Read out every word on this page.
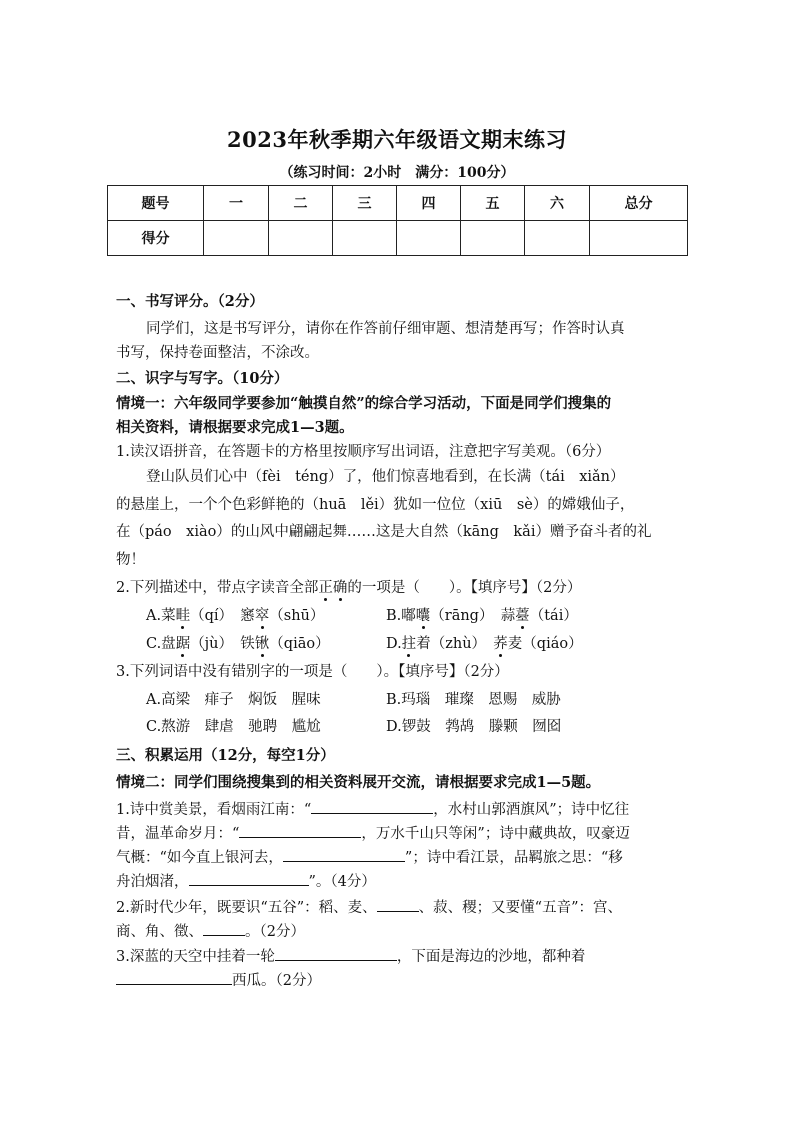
2023年秋季期六年级语文期末练习
（练习时间：2小时　满分：100分）
题号	一	二	三	四	五	六	总分
得分							
一、书写评分。（2分）
同学们，这是书写评分，请你在作答前仔细审题、想清楚再写；作答时认真
书写，保持卷面整洁，不涂改。
二、识字与写字。（10分）
情境一：六年级同学要参加“触摸自然”的综合学习活动，下面是同学们搜集的
相关资料，请根据要求完成1—3题。
1.读汉语拼音，在答题卡的方格里按顺序写出词语，注意把字写美观。（6分）
登山队员们心中（fèi　téng）了，他们惊喜地看到，在长满（tái　xiǎn）
的悬崖上，一个个色彩鲜艳的（huā　lěi）犹如一位位（xiū　sè）的嫦娥仙子，
在（páo　xiào）的山风中翩翩起舞……这是大自然（kāng　kǎi）赠予奋斗者的礼
物！
2.下列描述中，带点字读音全部正确的一项是（　　）。【填序号】（2分）
A.菜畦（qí）　窸窣（shū）	B.嘟囔（rāng）　蒜薹（tái）
C.盘踞（jù）　铁锹（qiāo）	D.拄着（zhù）　荞麦（qiáo）
3.下列词语中没有错别字的一项是（　　）。【填序号】（2分）
A.高梁　痱子　焖饭　腥味	B.玛瑙　璀璨　恩赐　威胁
C.熬游　肆虐　驰聘　尴尬	D.锣鼓　鹁鸪　滕颗　囫囵
三、积累运用（12分，每空1分）
情境二：同学们围绕搜集到的相关资料展开交流，请根据要求完成1—5题。
1.诗中赏美景，看烟雨江南：“	，水村山郭酒旗风”；诗中忆往
昔，温革命岁月：“	，万水千山只等闲”；诗中藏典故，叹豪迈
气概：“如今直上银河去，	”；诗中看江景，品羁旅之思：“移
舟泊烟渚，	”。（4分）
2.新时代少年，既要识“五谷”：稻、麦、	、菽、稷；又要懂“五音”：宫、
商、角、徵、	。（2分）
3.深蓝的天空中挂着一轮	，下面是海边的沙地，都种着
西瓜。（2分）
